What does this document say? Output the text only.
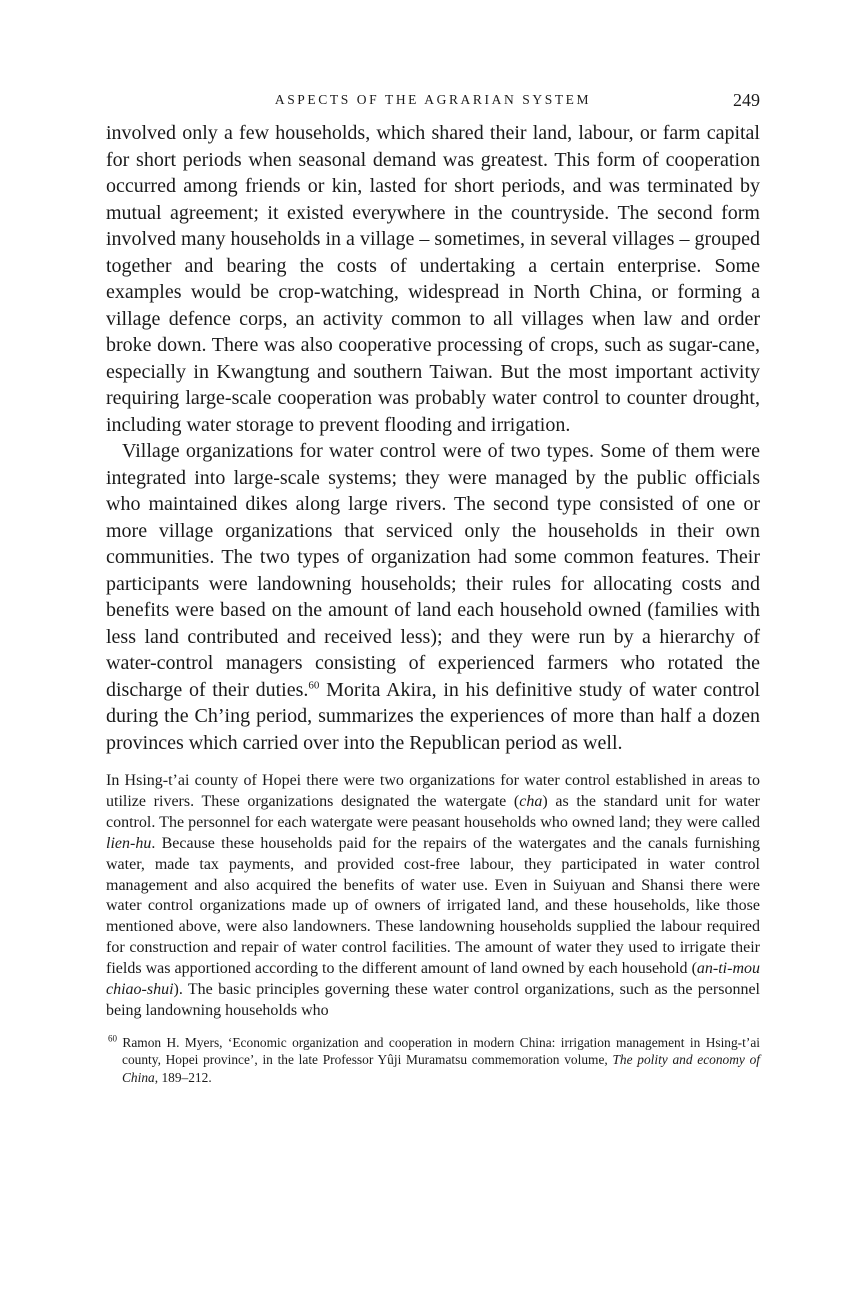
ASPECTS OF THE AGRARIAN SYSTEM	249

involved only a few households, which shared their land, labour, or farm capital for short periods when seasonal demand was greatest. This form of cooperation occurred among friends or kin, lasted for short periods, and was terminated by mutual agreement; it existed everywhere in the countryside. The second form involved many households in a village – sometimes, in several villages – grouped together and bearing the costs of undertaking a certain enterprise. Some examples would be crop-watching, widespread in North China, or forming a village defence corps, an activity common to all villages when law and order broke down. There was also cooperative processing of crops, such as sugar-cane, especially in Kwangtung and southern Taiwan. But the most important activity requiring large-scale cooperation was probably water control to counter drought, including water storage to prevent flooding and irrigation.

Village organizations for water control were of two types. Some of them were integrated into large-scale systems; they were managed by the public officials who maintained dikes along large rivers. The second type consisted of one or more village organizations that serviced only the households in their own communities. The two types of organization had some common features. Their participants were landowning households; their rules for allocating costs and benefits were based on the amount of land each household owned (families with less land contributed and received less); and they were run by a hierarchy of water-control managers consisting of experienced farmers who rotated the discharge of their duties.$^{60}$ Morita Akira, in his definitive study of water control during the Ch’ing period, summarizes the experiences of more than half a dozen provinces which carried over into the Republican period as well.

In Hsing-t’ai county of Hopei there were two organizations for water control established in areas to utilize rivers. These organizations designated the watergate (cha) as the standard unit for water control. The personnel for each watergate were peasant households who owned land; they were called lien-hu. Because these households paid for the repairs of the watergates and the canals furnishing water, made tax payments, and provided cost-free labour, they participated in water control management and also acquired the benefits of water use. Even in Suiyuan and Shansi there were water control organizations made up of owners of irrigated land, and these households, like those mentioned above, were also landowners. These landowning households supplied the labour required for construction and repair of water control facilities. The amount of water they used to irrigate their fields was apportioned according to the different amount of land owned by each household (an-ti-mou chiao-shui). The basic principles governing these water control organizations, such as the personnel being landowning households who

$^{60}$ Ramon H. Myers, ‘Economic organization and cooperation in modern China: irrigation management in Hsing-t’ai county, Hopei province’, in the late Professor Yûji Muramatsu commemoration volume, The polity and economy of China, 189–212.
